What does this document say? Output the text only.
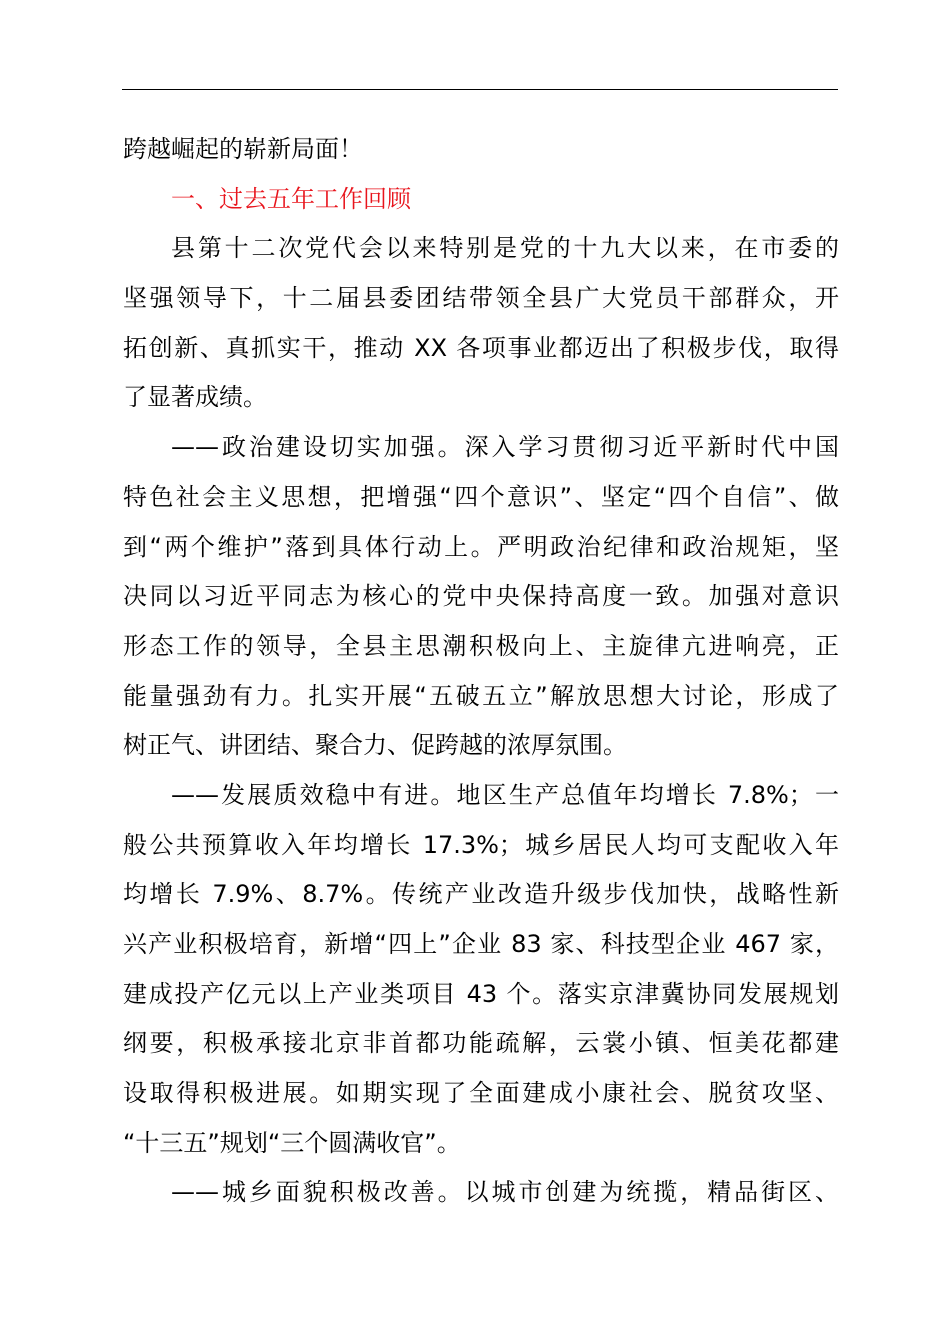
跨越崛起的崭新局面！
一、过去五年工作回顾
县第十二次党代会以来特别是党的十九大以来，在市委的
坚强领导下，十二届县委团结带领全县广大党员干部群众，开
拓创新、真抓实干，推动 XX 各项事业都迈出了积极步伐，取得
了显著成绩。
——政治建设切实加强。深入学习贯彻习近平新时代中国
特色社会主义思想，把增强“四个意识”、坚定“四个自信”、做
到“两个维护”落到具体行动上。严明政治纪律和政治规矩，坚
决同以习近平同志为核心的党中央保持高度一致。加强对意识
形态工作的领导，全县主思潮积极向上、主旋律亢进响亮，正
能量强劲有力。扎实开展“五破五立”解放思想大讨论，形成了
树正气、讲团结、聚合力、促跨越的浓厚氛围。
——发展质效稳中有进。地区生产总值年均增长 7.8%；一
般公共预算收入年均增长 17.3%；城乡居民人均可支配收入年
均增长 7.9%、8.7%。传统产业改造升级步伐加快，战略性新
兴产业积极培育，新增“四上”企业 83 家、科技型企业 467 家，
建成投产亿元以上产业类项目 43 个。落实京津冀协同发展规划
纲要，积极承接北京非首都功能疏解，云裳小镇、恒美花都建
设取得积极进展。如期实现了全面建成小康社会、脱贫攻坚、
“十三五”规划“三个圆满收官”。
——城乡面貌积极改善。以城市创建为统揽，精品街区、
